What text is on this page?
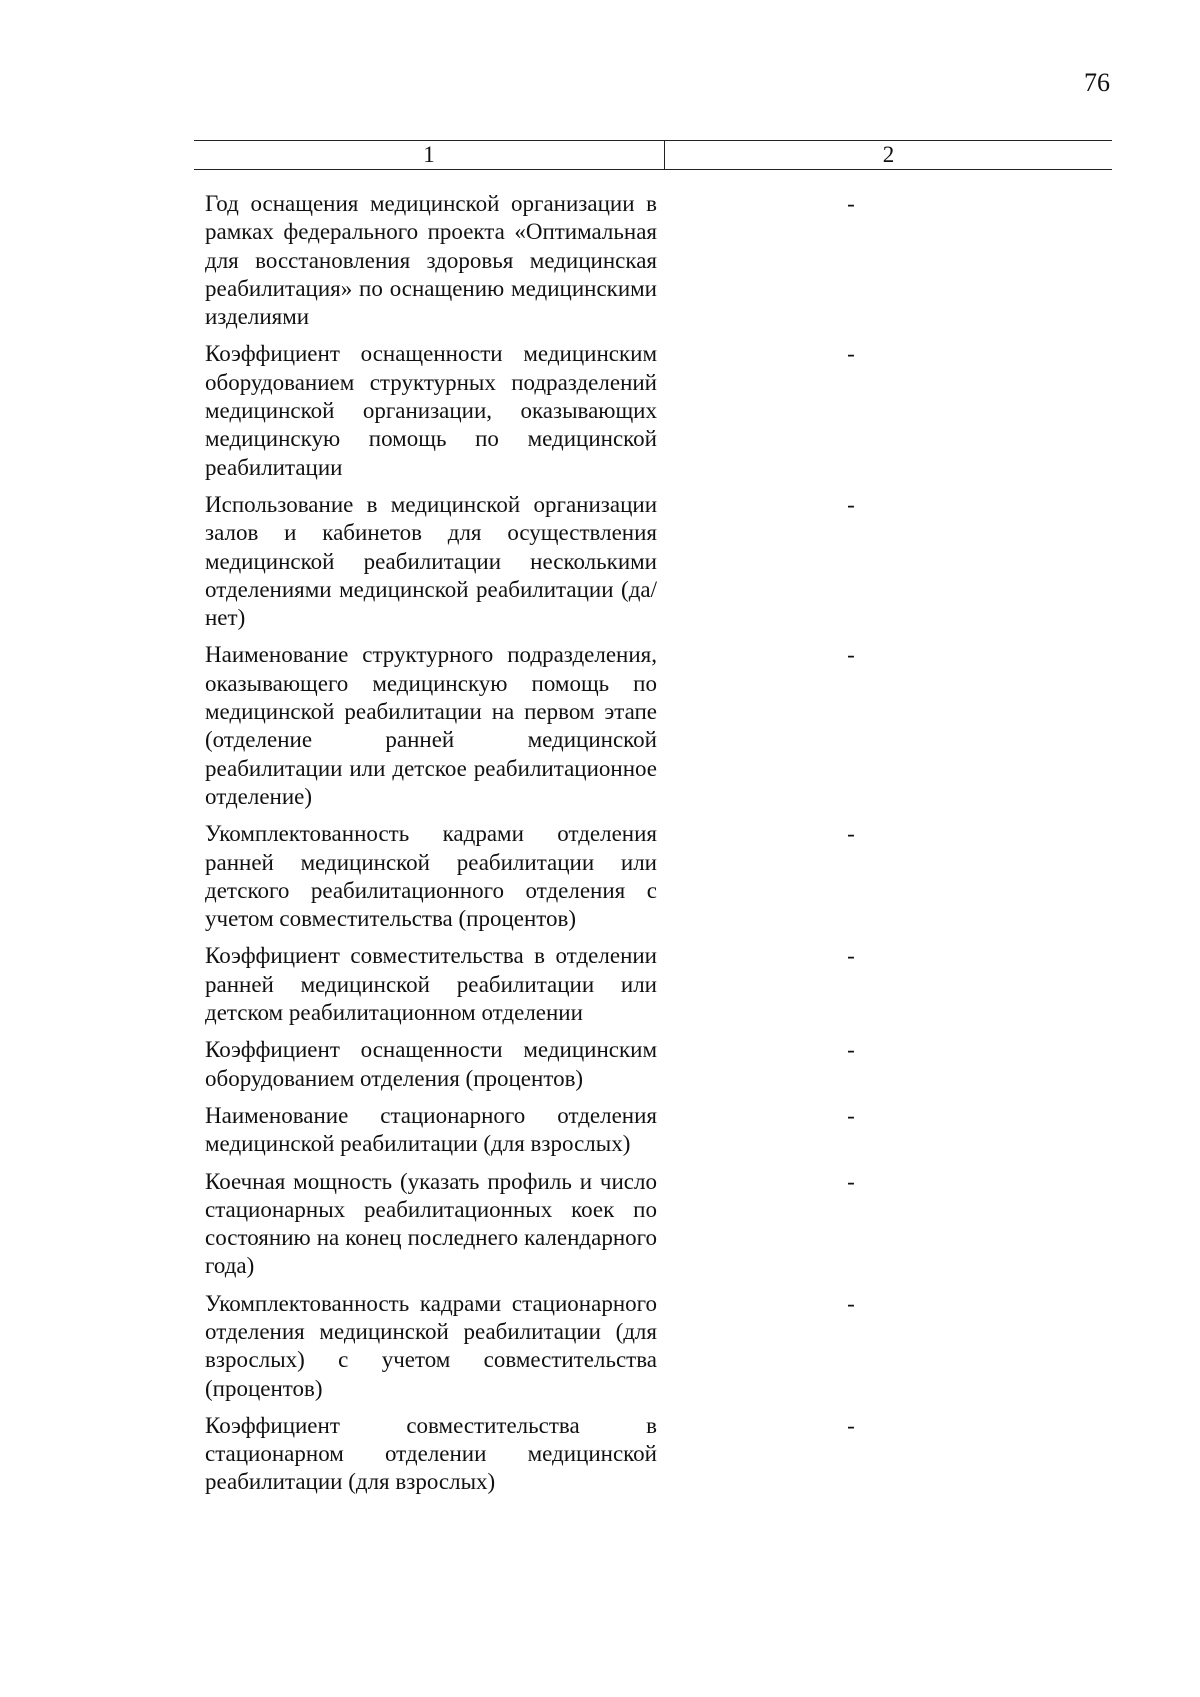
76
1	2
Год оснащения медицинской организации в рамках федерального проекта «Оптимальная для восстановления здоровья медицинская реабилитация» по оснащению медицинскими изделиями
-
Коэффициент оснащенности медицинским оборудованием структурных подразделений медицинской организации, оказывающих медицинскую помощь по медицинской реабилитации
-
Использование в медицинской организации залов и кабинетов для осуществления медицинской реабилитации несколькими отделениями медицинской реабилитации (да/нет)
-
Наименование структурного подразделения, оказывающего медицинскую помощь по медицинской реабилитации на первом этапе (отделение ранней медицинской реабилитации или детское реабилитационное отделение)
-
Укомплектованность кадрами отделения ранней медицинской реабилитации или детского реабилитационного отделения с учетом совместительства (процентов)
-
Коэффициент совместительства в отделении ранней медицинской реабилитации или детском реабилитационном отделении
-
Коэффициент оснащенности медицинским оборудованием отделения (процентов)
-
Наименование стационарного отделения медицинской реабилитации (для взрослых)
-
Коечная мощность (указать профиль и число стационарных реабилитационных коек по состоянию на конец последнего календарного года)
-
Укомплектованность кадрами стационарного отделения медицинской реабилитации (для взрослых) с учетом совместительства (процентов)
-
Коэффициент совместительства в стационарном отделении медицинской реабилитации (для взрослых)
-
